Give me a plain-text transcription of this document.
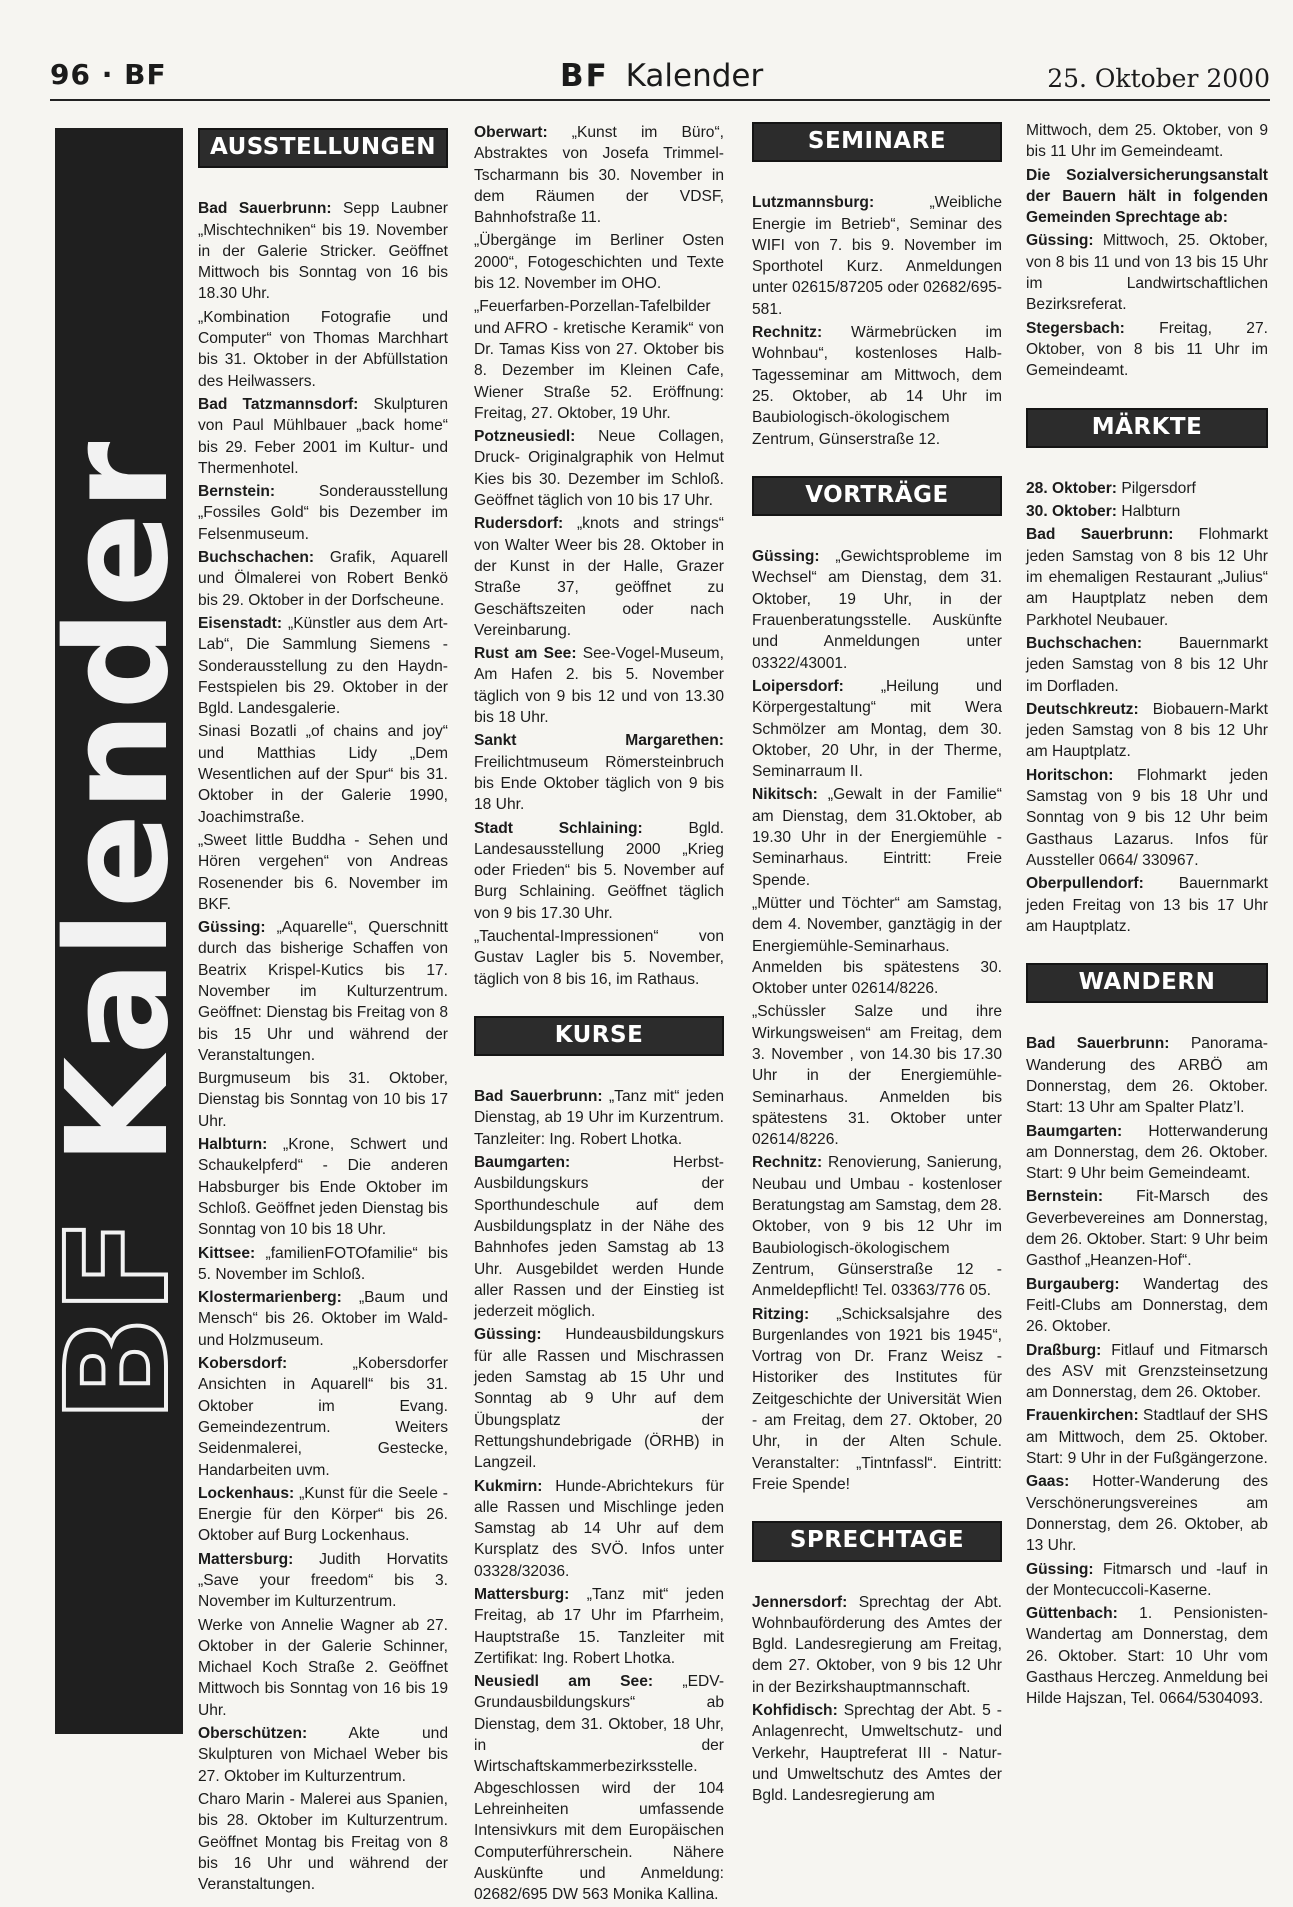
96 · BF	BF Kalender	25. Oktober 2000
BF Kalender
AUSSTELLUNGEN
Bad Sauerbrunn: Sepp Laubner „Mischtechniken“ bis 19. November in der Galerie Stricker. Geöffnet Mittwoch bis Sonntag von 16 bis 18.30 Uhr.
„Kombination Fotografie und Computer“ von Thomas Marchhart bis 31. Oktober in der Abfüllstation des Heilwassers.
Bad Tatzmannsdorf: Skulpturen von Paul Mühlbauer „back home“ bis 29. Feber 2001 im Kultur- und Thermenhotel.
Bernstein: Sonderausstellung „Fossiles Gold“ bis Dezember im Felsenmuseum.
Buchschachen: Grafik, Aquarell und Ölmalerei von Robert Benkö bis 29. Oktober in der Dorfscheune.
Eisenstadt: „Künstler aus dem Art-Lab“, Die Sammlung Siemens - Sonderausstellung zu den Haydn-Festspielen bis 29. Oktober in der Bgld. Landesgalerie.
Sinasi Bozatli „of chains and joy“ und Matthias Lidy „Dem Wesentlichen auf der Spur“ bis 31. Oktober in der Galerie 1990, Joachimstraße.
„Sweet little Buddha - Sehen und Hören vergehen“ von Andreas Rosenender bis 6. November im BKF.
Güssing: „Aquarelle“, Querschnitt durch das bisherige Schaffen von Beatrix Krispel-Kutics bis 17. November im Kulturzentrum. Geöffnet: Dienstag bis Freitag von 8 bis 15 Uhr und während der Veranstaltungen.
Burgmuseum bis 31. Oktober, Dienstag bis Sonntag von 10 bis 17 Uhr.
Halbturn: „Krone, Schwert und Schaukelpferd“ - Die anderen Habsburger bis Ende Oktober im Schloß. Geöffnet jeden Dienstag bis Sonntag von 10 bis 18 Uhr.
Kittsee: „familienFOTOfamilie“ bis 5. November im Schloß.
Klostermarienberg: „Baum und Mensch“ bis 26. Oktober im Wald- und Holzmuseum.
Kobersdorf: „Kobersdorfer Ansichten in Aquarell“ bis 31. Oktober im Evang. Gemeindezentrum. Weiters Seidenmalerei, Gestecke, Handarbeiten uvm.
Lockenhaus: „Kunst für die Seele - Energie für den Körper“ bis 26. Oktober auf Burg Lockenhaus.
Mattersburg: Judith Horvatits „Save your freedom“ bis 3. November im Kulturzentrum.
Werke von Annelie Wagner ab 27. Oktober in der Galerie Schinner, Michael Koch Straße 2. Geöffnet Mittwoch bis Sonntag von 16 bis 19 Uhr.
Oberschützen: Akte und Skulpturen von Michael Weber bis 27. Oktober im Kulturzentrum.
Charo Marin - Malerei aus Spanien, bis 28. Oktober im Kulturzentrum. Geöffnet Montag bis Freitag von 8 bis 16 Uhr und während der Veranstaltungen.
Oberwart: „Kunst im Büro“, Abstraktes von Josefa Trimmel-Tscharmann bis 30. November in dem Räumen der VDSF, Bahnhofstraße 11.
„Übergänge im Berliner Osten 2000“, Fotogeschichten und Texte bis 12. November im OHO.
„Feuerfarben-Porzellan-Tafelbilder und AFRO - kretische Keramik“ von Dr. Tamas Kiss von 27. Oktober bis 8. Dezember im Kleinen Cafe, Wiener Straße 52. Eröffnung: Freitag, 27. Oktober, 19 Uhr.
Potzneusiedl: Neue Collagen, Druck- Originalgraphik von Helmut Kies bis 30. Dezember im Schloß. Geöffnet täglich von 10 bis 17 Uhr.
Rudersdorf: „knots and strings“ von Walter Weer bis 28. Oktober in der Kunst in der Halle, Grazer Straße 37, geöffnet zu Geschäftszeiten oder nach Vereinbarung.
Rust am See: See-Vogel-Museum, Am Hafen 2. bis 5. November täglich von 9 bis 12 und von 13.30 bis 18 Uhr.
Sankt Margarethen: Freilichtmuseum Römersteinbruch bis Ende Oktober täglich von 9 bis 18 Uhr.
Stadt Schlaining: Bgld. Landesausstellung 2000 „Krieg oder Frieden“ bis 5. November auf Burg Schlaining. Geöffnet täglich von 9 bis 17.30 Uhr.
„Tauchental-Impressionen“ von Gustav Lagler bis 5. November, täglich von 8 bis 16, im Rathaus.
KURSE
Bad Sauerbrunn: „Tanz mit“ jeden Dienstag, ab 19 Uhr im Kurzentrum. Tanzleiter: Ing. Robert Lhotka.
Baumgarten: Herbst-Ausbildungskurs der Sporthundeschule auf dem Ausbildungsplatz in der Nähe des Bahnhofes jeden Samstag ab 13 Uhr. Ausgebildet werden Hunde aller Rassen und der Einstieg ist jederzeit möglich.
Güssing: Hundeausbildungskurs für alle Rassen und Mischrassen jeden Samstag ab 15 Uhr und Sonntag ab 9 Uhr auf dem Übungsplatz der Rettungshundebrigade (ÖRHB) in Langzeil.
Kukmirn: Hunde-Abrichtekurs für alle Rassen und Mischlinge jeden Samstag ab 14 Uhr auf dem Kursplatz des SVÖ. Infos unter 03328/32036.
Mattersburg: „Tanz mit“ jeden Freitag, ab 17 Uhr im Pfarrheim, Hauptstraße 15. Tanzleiter mit Zertifikat: Ing. Robert Lhotka.
Neusiedl am See: „EDV-Grundausbildungskurs“ ab Dienstag, dem 31. Oktober, 18 Uhr, in der Wirtschaftskammerbezirksstelle. Abgeschlossen wird der 104 Lehreinheiten umfassende Intensivkurs mit dem Europäischen Computerführerschein. Nähere Auskünfte und Anmeldung: 02682/695 DW 563 Monika Kallina.
SEMINARE
Lutzmannsburg: „Weibliche Energie im Betrieb“, Seminar des WIFI von 7. bis 9. November im Sporthotel Kurz. Anmeldungen unter 02615/87205 oder 02682/695-581.
Rechnitz: Wärmebrücken im Wohnbau“, kostenloses Halb-Tagesseminar am Mittwoch, dem 25. Oktober, ab 14 Uhr im Baubiologisch-ökologischem Zentrum, Günserstraße 12.
VORTRÄGE
Güssing: „Gewichtsprobleme im Wechsel“ am Dienstag, dem 31. Oktober, 19 Uhr, in der Frauenberatungsstelle. Auskünfte und Anmeldungen unter 03322/43001.
Loipersdorf: „Heilung und Körpergestaltung“ mit Wera Schmölzer am Montag, dem 30. Oktober, 20 Uhr, in der Therme, Seminarraum II.
Nikitsch: „Gewalt in der Familie“ am Dienstag, dem 31.Oktober, ab 19.30 Uhr in der Energiemühle - Seminarhaus. Eintritt: Freie Spende.
„Mütter und Töchter“ am Samstag, dem 4. November, ganztägig in der Energiemühle-Seminarhaus. Anmelden bis spätestens 30. Oktober unter 02614/8226.
„Schüssler Salze und ihre Wirkungsweisen“ am Freitag, dem 3. November , von 14.30 bis 17.30 Uhr in der Energiemühle-Seminarhaus. Anmelden bis spätestens 31. Oktober unter 02614/8226.
Rechnitz: Renovierung, Sanierung, Neubau und Umbau - kostenloser Beratungstag am Samstag, dem 28. Oktober, von 9 bis 12 Uhr im Baubiologisch-ökologischem Zentrum, Günserstraße 12 - Anmeldepflicht! Tel. 03363/776 05.
Ritzing: „Schicksalsjahre des Burgenlandes von 1921 bis 1945“, Vortrag von Dr. Franz Weisz - Historiker des Institutes für Zeitgeschichte der Universität Wien - am Freitag, dem 27. Oktober, 20 Uhr, in der Alten Schule. Veranstalter: „Tintnfassl“. Eintritt: Freie Spende!
SPRECHTAGE
Jennersdorf: Sprechtag der Abt. Wohnbauförderung des Amtes der Bgld. Landesregierung am Freitag, dem 27. Oktober, von 9 bis 12 Uhr in der Bezirkshauptmannschaft.
Kohfidisch: Sprechtag der Abt. 5 - Anlagenrecht, Umweltschutz- und Verkehr, Hauptreferat III - Natur- und Umweltschutz des Amtes der Bgld. Landesregierung am
Mittwoch, dem 25. Oktober, von 9 bis 11 Uhr im Gemeindeamt.
Die Sozialversicherungsanstalt der Bauern hält in folgenden Gemeinden Sprechtage ab:
Güssing: Mittwoch, 25. Oktober, von 8 bis 11 und von 13 bis 15 Uhr im Landwirtschaftlichen Bezirksreferat.
Stegersbach: Freitag, 27. Oktober, von 8 bis 11 Uhr im Gemeindeamt.
MÄRKTE
28. Oktober: Pilgersdorf
30. Oktober: Halbturn
Bad Sauerbrunn: Flohmarkt jeden Samstag von 8 bis 12 Uhr im ehemaligen Restaurant „Julius“ am Hauptplatz neben dem Parkhotel Neubauer.
Buchschachen: Bauernmarkt jeden Samstag von 8 bis 12 Uhr im Dorfladen.
Deutschkreutz: Biobauern-Markt jeden Samstag von 8 bis 12 Uhr am Hauptplatz.
Horitschon: Flohmarkt jeden Samstag von 9 bis 18 Uhr und Sonntag von 9 bis 12 Uhr beim Gasthaus Lazarus. Infos für Aussteller 0664/ 330967.
Oberpullendorf: Bauernmarkt jeden Freitag von 13 bis 17 Uhr am Hauptplatz.
WANDERN
Bad Sauerbrunn: Panorama-Wanderung des ARBÖ am Donnerstag, dem 26. Oktober. Start: 13 Uhr am Spalter Platz’l.
Baumgarten: Hotterwanderung am Donnerstag, dem 26. Oktober. Start: 9 Uhr beim Gemeindeamt.
Bernstein: Fit-Marsch des Geverbevereines am Donnerstag, dem 26. Oktober. Start: 9 Uhr beim Gasthof „Heanzen-Hof“.
Burgauberg: Wandertag des Feitl-Clubs am Donnerstag, dem 26. Oktober.
Draßburg: Fitlauf und Fitmarsch des ASV mit Grenzsteinsetzung am Donnerstag, dem 26. Oktober.
Frauenkirchen: Stadtlauf der SHS am Mittwoch, dem 25. Oktober. Start: 9 Uhr in der Fußgängerzone.
Gaas: Hotter-Wanderung des Verschönerungsvereines am Donnerstag, dem 26. Oktober, ab 13 Uhr.
Güssing: Fitmarsch und -lauf in der Montecuccoli-Kaserne.
Güttenbach: 1. Pensionisten-Wandertag am Donnerstag, dem 26. Oktober. Start: 10 Uhr vom Gasthaus Herczeg. Anmeldung bei Hilde Hajszan, Tel. 0664/5304093.
